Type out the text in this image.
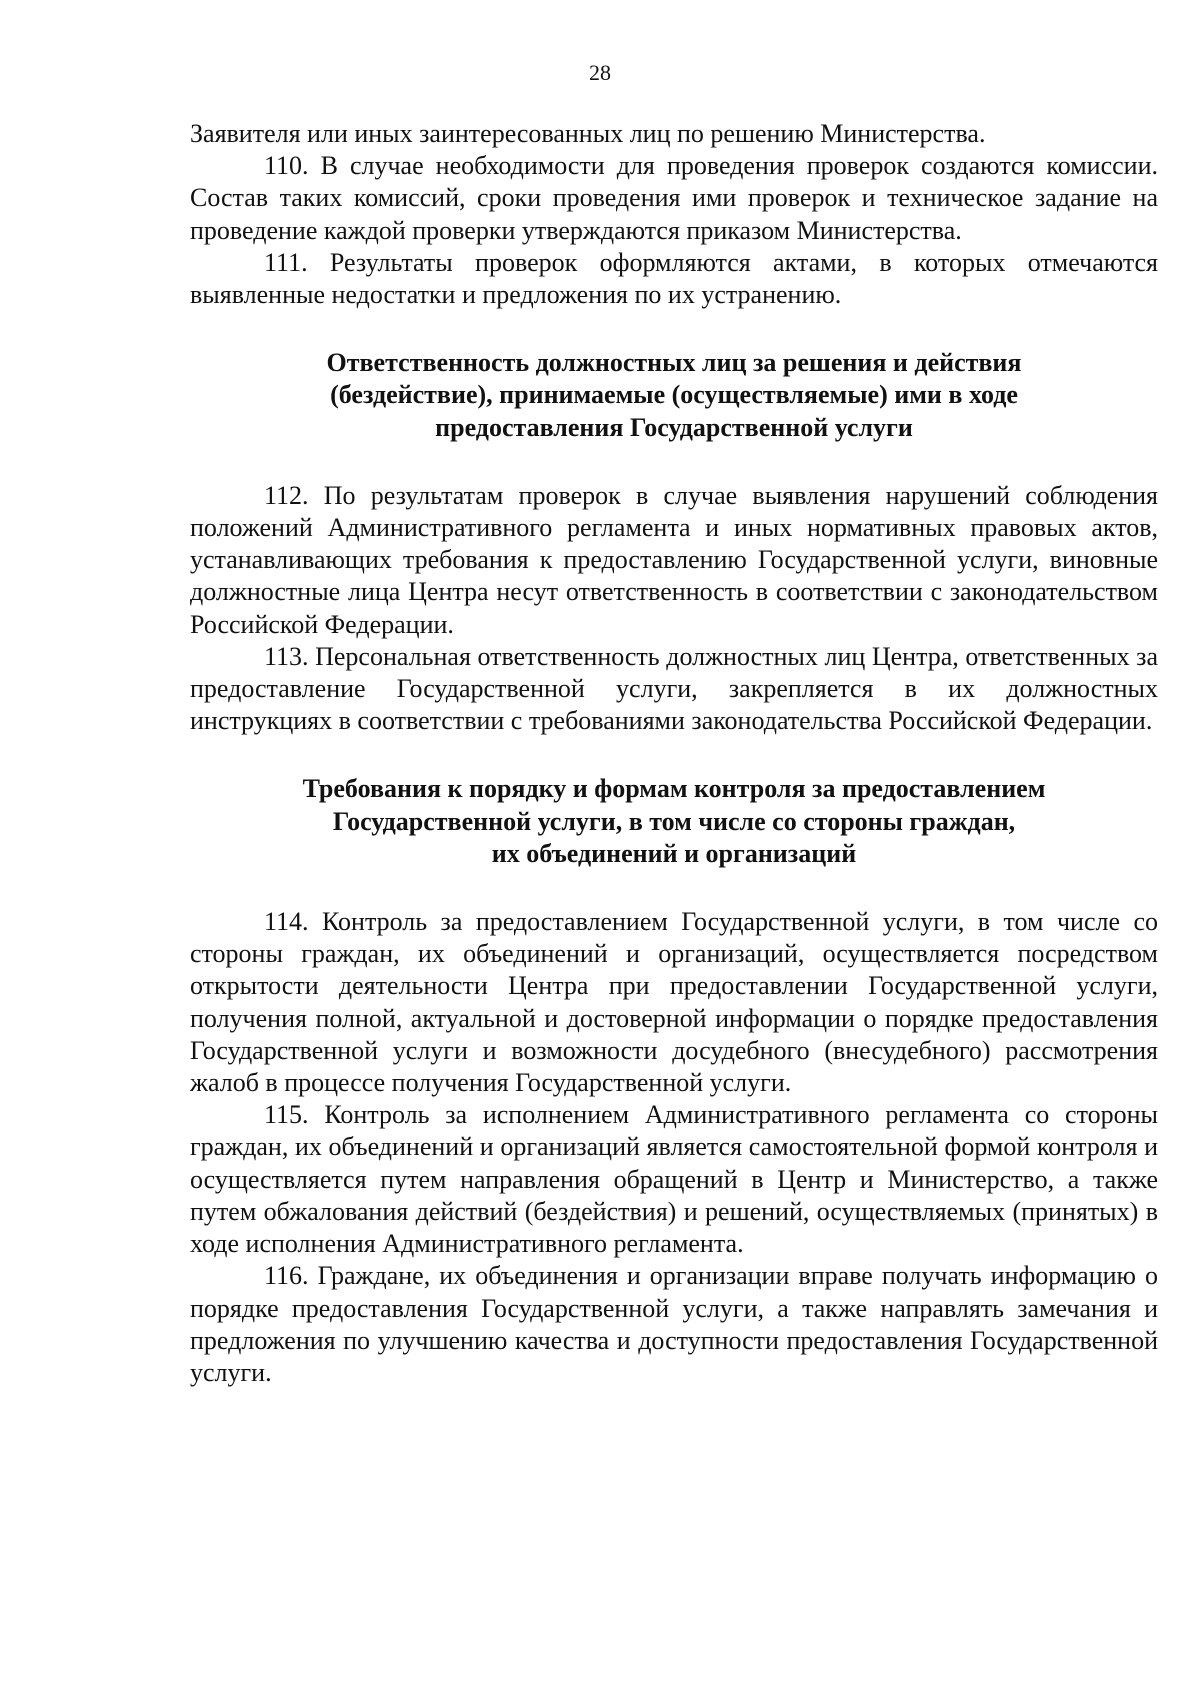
28

Заявителя или иных заинтересованных лиц по решению Министерства.

110. В случае необходимости для проведения проверок создаются комиссии. Состав таких комиссий, сроки проведения ими проверок и техническое задание на проведение каждой проверки утверждаются приказом Министерства.

111. Результаты проверок оформляются актами, в которых отмечаются выявленные недостатки и предложения по их устранению.

Ответственность должностных лиц за решения и действия
(бездействие), принимаемые (осуществляемые) ими в ходе
предоставления Государственной услуги

112. По результатам проверок в случае выявления нарушений соблюдения положений Административного регламента и иных нормативных правовых актов, устанавливающих требования к предоставлению Государственной услуги, виновные должностные лица Центра несут ответственность в соответствии с законодательством Российской Федерации.

113. Персональная ответственность должностных лиц Центра, ответственных за предоставление Государственной услуги, закрепляется в их должностных инструкциях в соответствии с требованиями законодательства Российской Федерации.

Требования к порядку и формам контроля за предоставлением
Государственной услуги, в том числе со стороны граждан,
их объединений и организаций

114. Контроль за предоставлением Государственной услуги, в том числе со стороны граждан, их объединений и организаций, осуществляется посредством открытости деятельности Центра при предоставлении Государственной услуги, получения полной, актуальной и достоверной информации о порядке предоставления Государственной услуги и возможности досудебного (внесудебного) рассмотрения жалоб в процессе получения Государственной услуги.

115. Контроль за исполнением Административного регламента со стороны граждан, их объединений и организаций является самостоятельной формой контроля и осуществляется путем направления обращений в Центр и Министерство, а также путем обжалования действий (бездействия) и решений, осуществляемых (принятых) в ходе исполнения Административного регламента.

116. Граждане, их объединения и организации вправе получать информацию о порядке предоставления Государственной услуги, а также направлять замечания и предложения по улучшению качества и доступности предоставления Государственной услуги.
